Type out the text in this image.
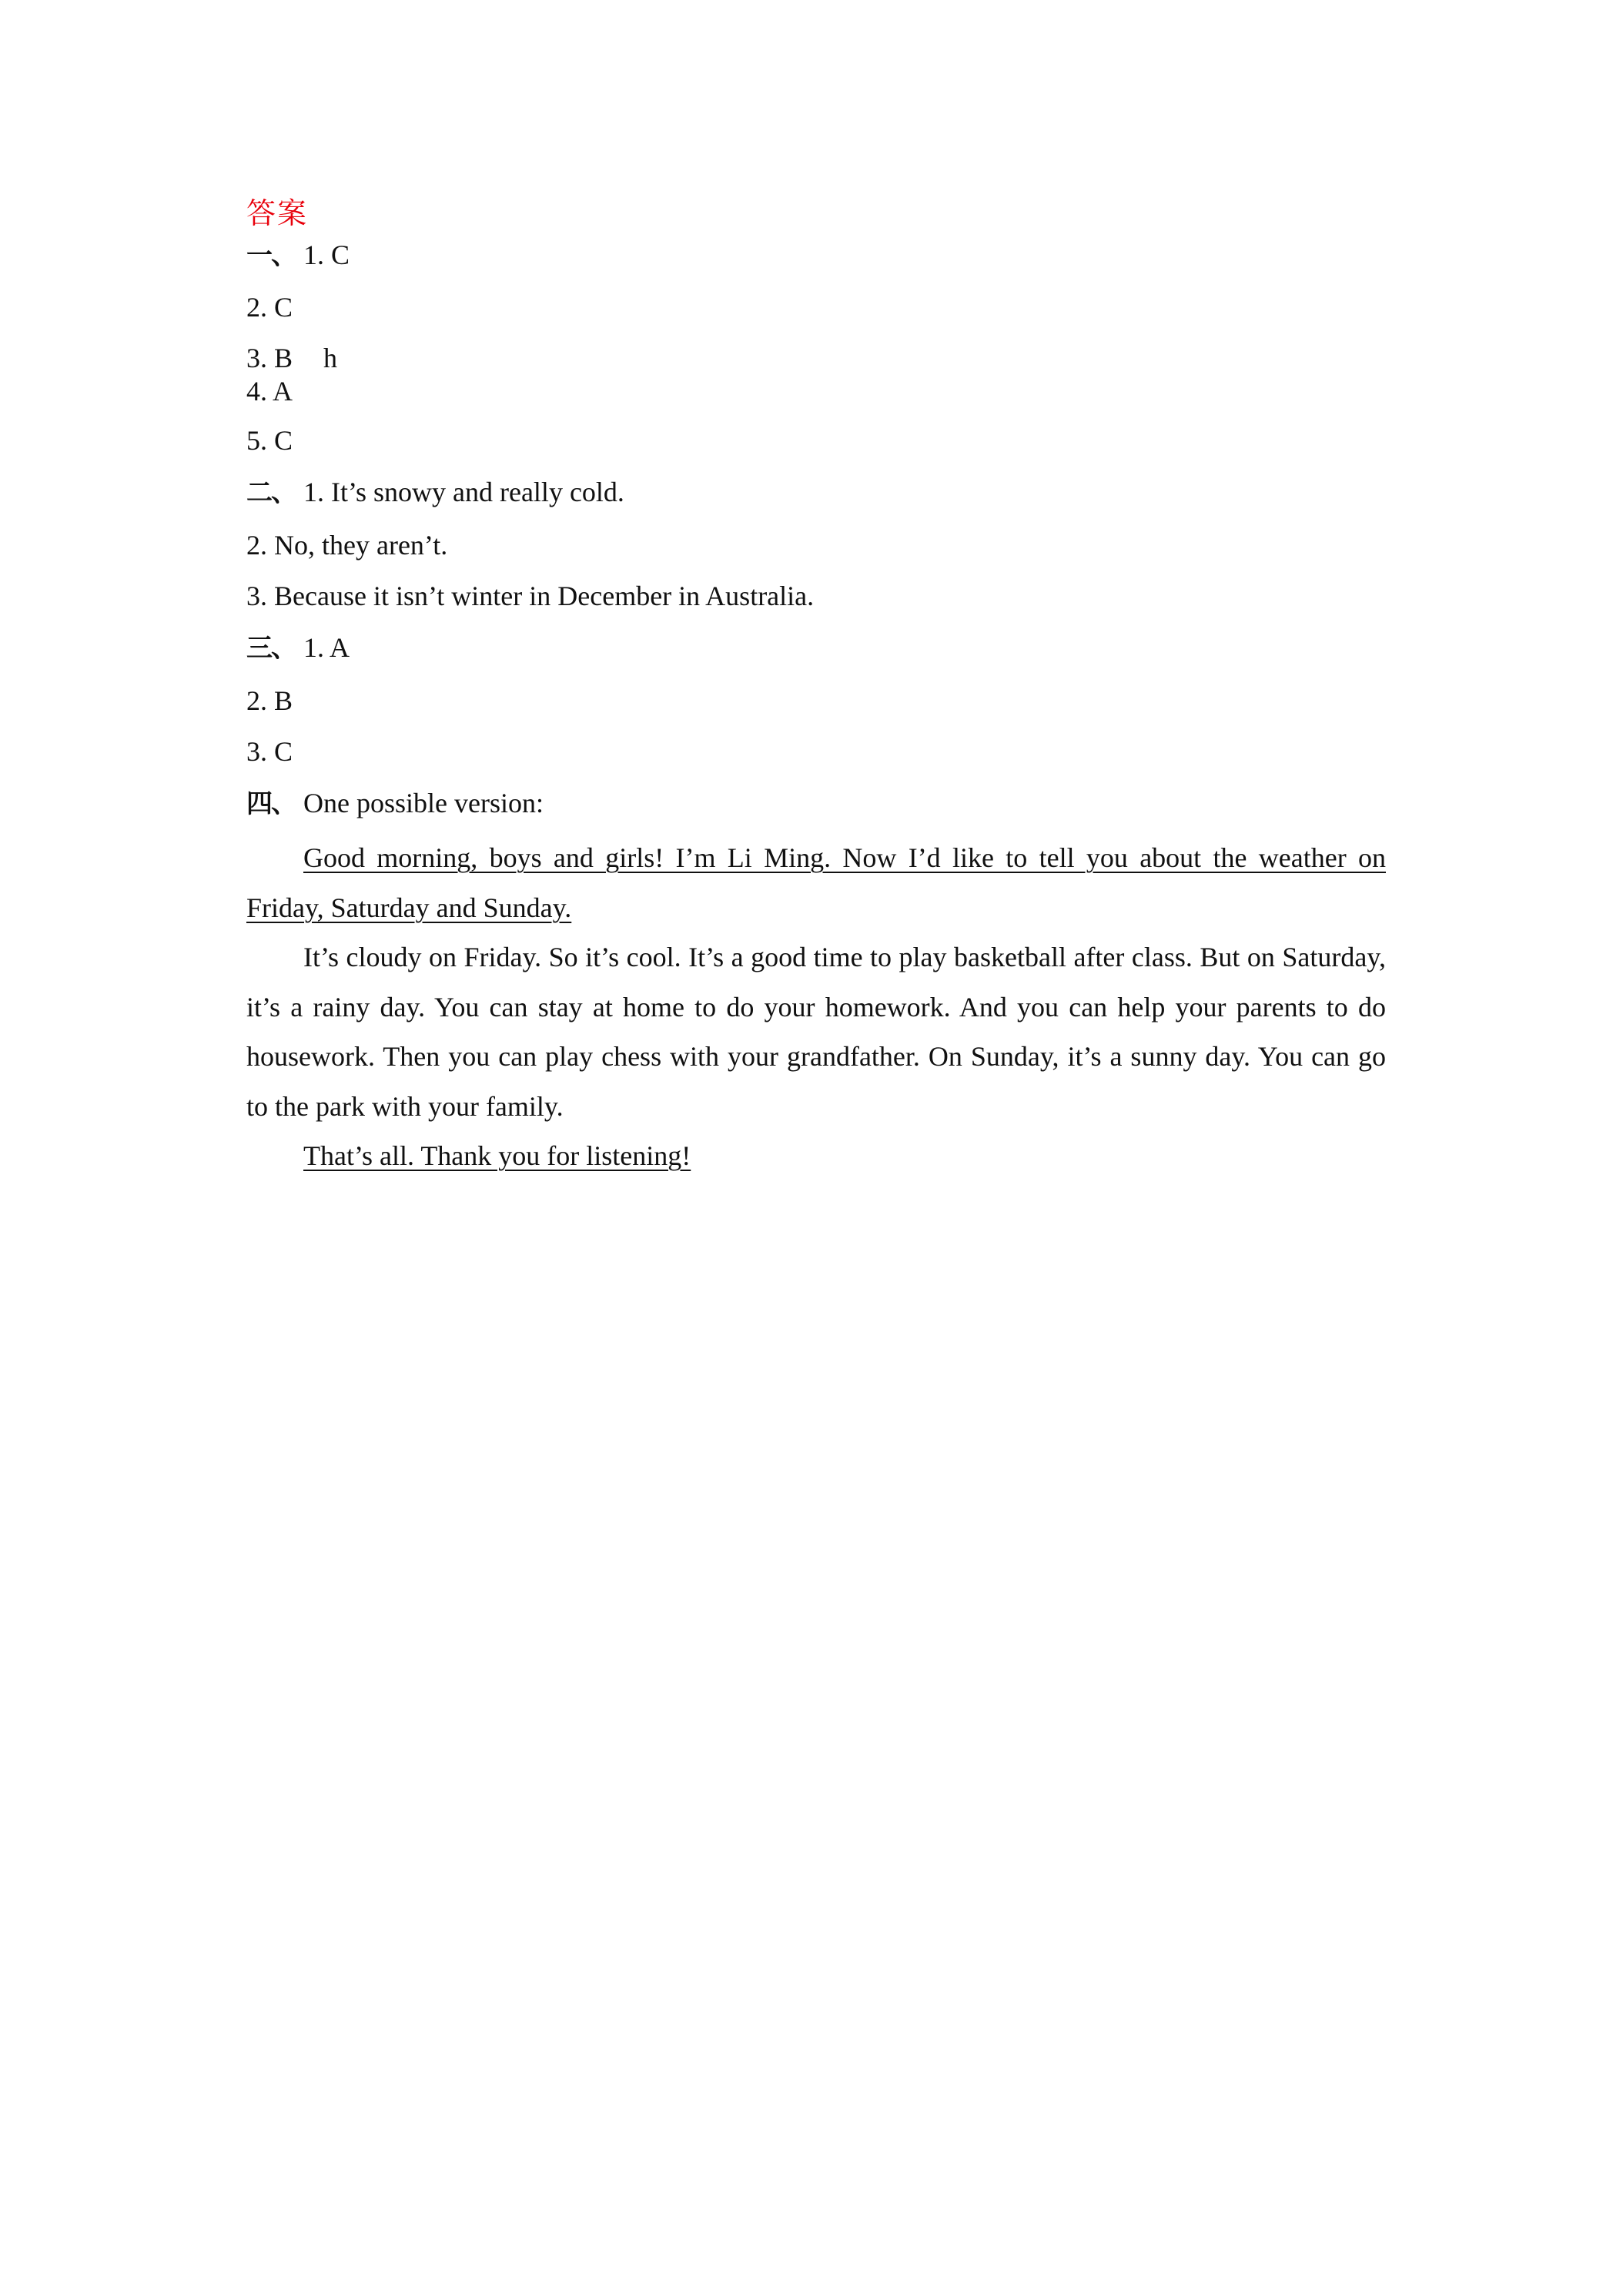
答案
一、 1. C
2. C
3. B h
4. A
5. C
二、 1. It’s snowy and really cold.
2. No, they aren’t.
3. Because it isn’t winter in December in Australia.
三、 1. A
2. B
3. C
四、 One possible version:
Good morning, boys and girls! I’m Li Ming. Now I’d like to tell you about the weather on Friday, Saturday and Sunday.
It’s cloudy on Friday. So it’s cool. It’s a good time to play basketball after class. But on Saturday, it’s a rainy day. You can stay at home to do your homework. And you can help your parents to do housework. Then you can play chess with your grandfather. On Sunday, it’s a sunny day. You can go to the park with your family.
That’s all. Thank you for listening!
